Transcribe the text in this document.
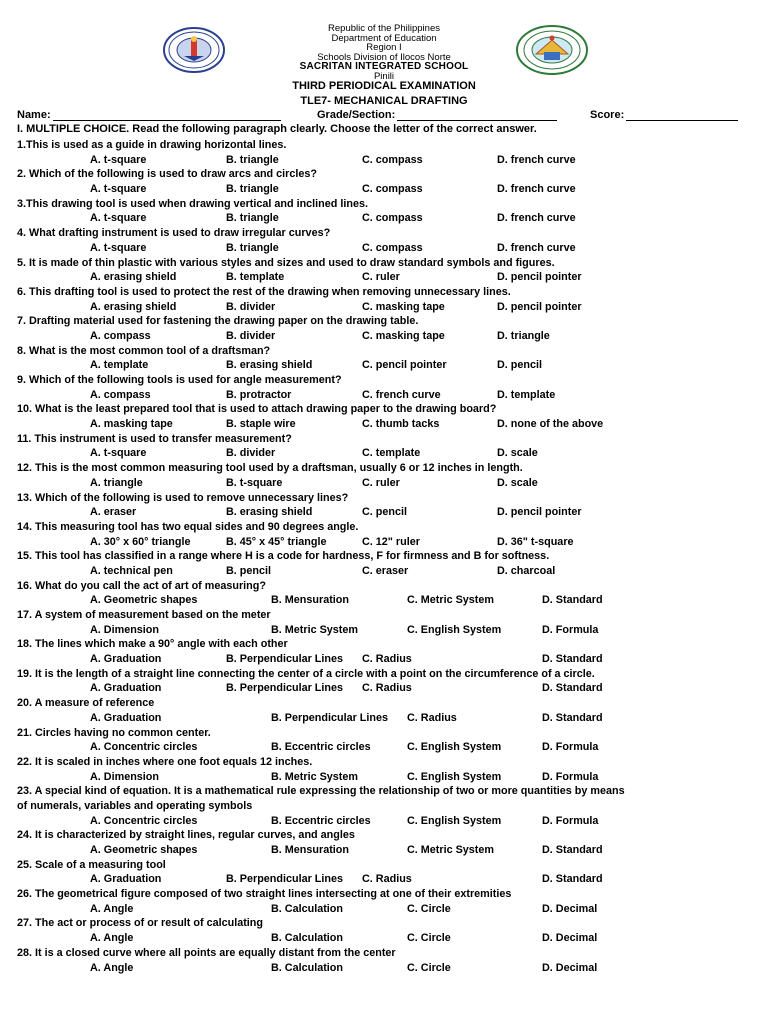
Republic of the Philippines
Department of Education
Region I
Schools Division of Ilocos Norte
SACRITAN INTEGRATED SCHOOL
Pinili
THIRD PERIODICAL EXAMINATION
TLE7- MECHANICAL DRAFTING
Name:	Grade/Section:	Score:
I. MULTIPLE CHOICE. Read the following paragraph clearly. Choose the letter of the correct answer.
1.This is used as a guide in drawing horizontal lines.
A. t-square	B. triangle	C. compass	D. french curve
2. Which of the following is used to draw arcs and circles?
A. t-square	B. triangle	C. compass	D. french curve
3.This drawing tool is used when drawing vertical and inclined lines.
A. t-square	B. triangle	C. compass	D. french curve
4. What drafting instrument is used to draw irregular curves?
A. t-square	B. triangle	C. compass	D. french curve
5. It is made of thin plastic with various styles and sizes and used to draw standard symbols and figures.
A. erasing shield	B. template	C. ruler	D. pencil pointer
6. This drafting tool is used to protect the rest of the drawing when removing unnecessary lines.
A. erasing shield	B. divider	C. masking tape	D. pencil pointer
7. Drafting material used for fastening the drawing paper on the drawing table.
A. compass	B. divider	C. masking tape	D. triangle
8. What is the most common tool of a draftsman?
A. template	B. erasing shield	C. pencil pointer	D. pencil
9. Which of the following tools is used for angle measurement?
A. compass	B. protractor	C. french curve	D. template
10. What is the least prepared tool that is used to attach drawing paper to the drawing board?
A. masking tape	B. staple wire	C. thumb tacks	D. none of the above
11. This instrument is used to transfer measurement?
A. t-square	B. divider	C. template	D. scale
12. This is the most common measuring tool used by a draftsman, usually 6 or 12 inches in length.
A. triangle	B. t-square	C. ruler	D. scale
13. Which of the following is used to remove unnecessary lines?
A. eraser	B. erasing shield	C. pencil	D. pencil pointer
14. This measuring tool has two equal sides and 90 degrees angle.
A. 30° x 60° triangle	B. 45° x 45° triangle	C. 12" ruler	D. 36" t-square
15. This tool has classified in a range where H is a code for hardness, F for firmness and B for softness.
A. technical pen	B. pencil	C. eraser	D. charcoal
16. What do you call the act of art of measuring?
A. Geometric shapes	B. Mensuration	C. Metric System	D. Standard
17. A system of measurement based on the meter
A. Dimension	B. Metric System	C. English System	D. Formula
18. The lines which make a 90° angle with each other
A. Graduation	B. Perpendicular Lines C. Radius	D. Standard
19. It is the length of a straight line connecting the center of a circle with a point on the circumference of a circle.
A. Graduation	B. Perpendicular Lines C. Radius	D. Standard
20. A measure of reference
A. Graduation	B. Perpendicular Lines C. Radius	D. Standard
21. Circles having no common center.
A. Concentric circles	B. Eccentric circles	C. English System	D. Formula
22. It is scaled in inches where one foot equals 12 inches.
A. Dimension	B. Metric System	C. English System	D. Formula
23. A special kind of equation. It is a mathematical rule expressing the relationship of two or more quantities by means
of numerals, variables and operating symbols
A. Concentric circles	B. Eccentric circles	C. English System	D. Formula
24. It is characterized by straight lines, regular curves, and angles
A. Geometric shapes	B. Mensuration	C. Metric System	D. Standard
25. Scale of a measuring tool
A. Graduation	B. Perpendicular Lines C. Radius	D. Standard
26. The geometrical figure composed of two straight lines intersecting at one of their extremities
A. Angle	B. Calculation	C. Circle	D. Decimal
27. The act or process of or result of calculating
A. Angle	B. Calculation	C. Circle	D. Decimal
28. It is a closed curve where all points are equally distant from the center
A. Angle	B. Calculation	C. Circle	D. Decimal
